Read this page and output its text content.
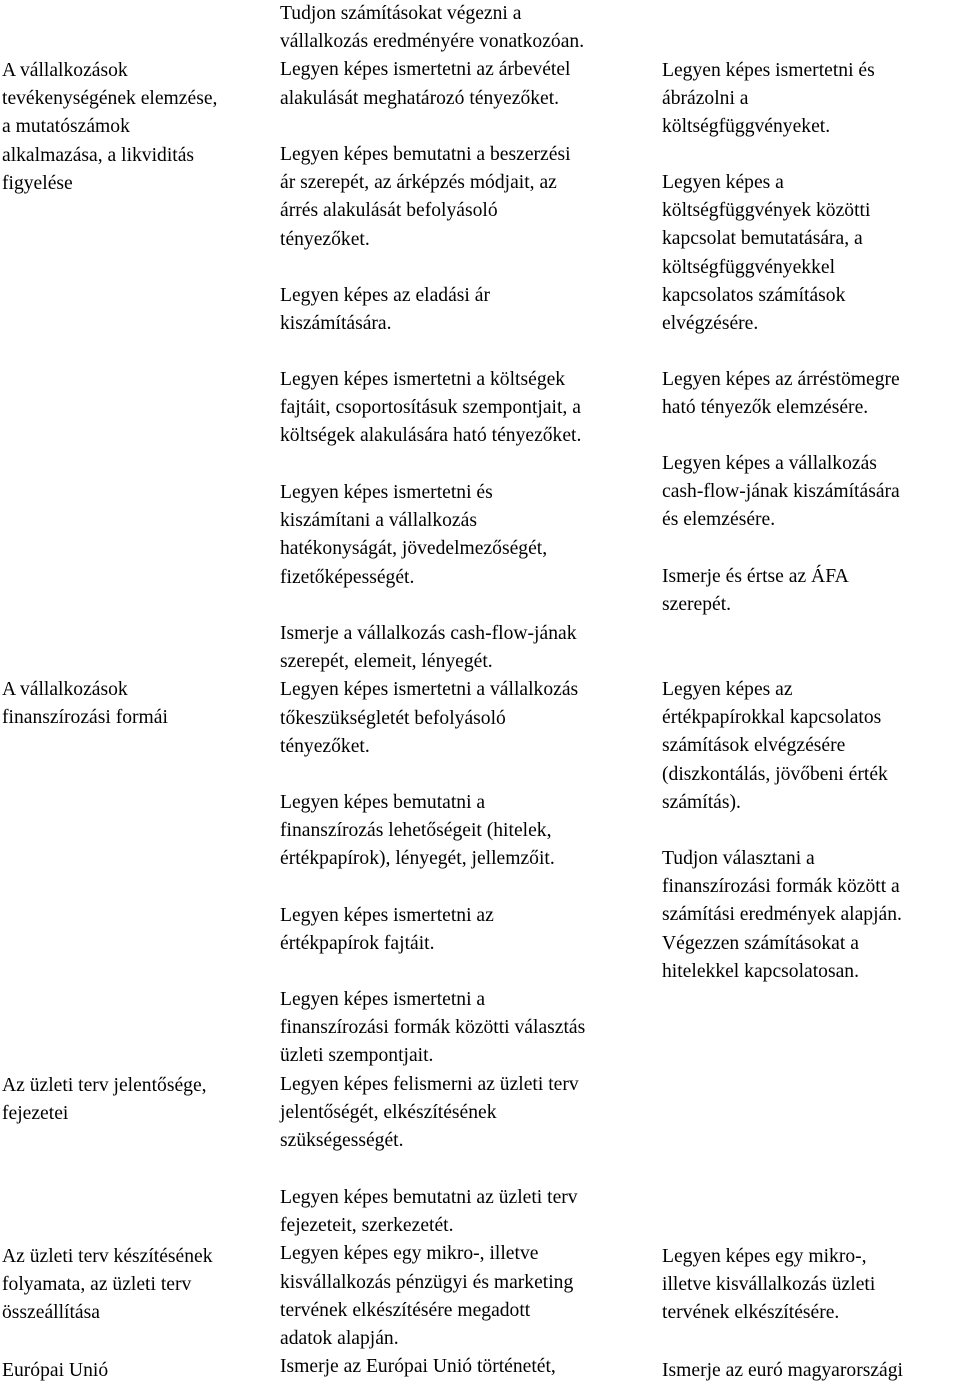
A vállalkozások
tevékenységének elemzése,
a mutatószámok
alkalmazása, a likviditás
figyelése
A vállalkozások
finanszírozási formái
Az üzleti terv jelentősége,
fejezetei
Az üzleti terv készítésének
folyamata, az üzleti terv
összeállítása
Európai Unió
Tudjon számításokat végezni a
vállalkozás eredményére vonatkozóan.
Legyen képes ismertetni az árbevétel
alakulását meghatározó tényezőket.
Legyen képes bemutatni a beszerzési
ár szerepét, az árképzés módjait, az
árrés alakulását befolyásoló
tényezőket.
Legyen képes az eladási ár
kiszámítására.
Legyen képes ismertetni a költségek
fajtáit, csoportosításuk szempontjait, a
költségek alakulására ható tényezőket.
Legyen képes ismertetni és
kiszámítani a vállalkozás
hatékonyságát, jövedelmezőségét,
fizetőképességét.
Ismerje a vállalkozás cash-flow-jának
szerepét, elemeit, lényegét.
Legyen képes ismertetni a vállalkozás
tőkeszükségletét befolyásoló
tényezőket.
Legyen képes bemutatni a
finanszírozás lehetőségeit (hitelek,
értékpapírok), lényegét, jellemzőit.
Legyen képes ismertetni az
értékpapírok fajtáit.
Legyen képes ismertetni a
finanszírozási formák közötti választás
üzleti szempontjait.
Legyen képes felismerni az üzleti terv
jelentőségét, elkészítésének
szükségességét.
Legyen képes bemutatni az üzleti terv
fejezeteit, szerkezetét.
Legyen képes egy mikro-, illetve
kisvállalkozás pénzügyi és marketing
tervének elkészítésére megadott
adatok alapján.
Ismerje az Európai Unió történetét,
Legyen képes ismertetni és
ábrázolni a
költségfüggvényeket.
Legyen képes a
költségfüggvények közötti
kapcsolat bemutatására, a
költségfüggvényekkel
kapcsolatos számítások
elvégzésére.
Legyen képes az árréstömegre
ható tényezők elemzésére.
Legyen képes a vállalkozás
cash-flow-jának kiszámítására
és elemzésére.
Ismerje és értse az ÁFA
szerepét.
Legyen képes az
értékpapírokkal kapcsolatos
számítások elvégzésére
(diszkontálás, jövőbeni érték
számítás).
Tudjon választani a
finanszírozási formák között a
számítási eredmények alapján.
Végezzen számításokat a
hitelekkel kapcsolatosan.
Legyen képes egy mikro-,
illetve kisvállalkozás üzleti
tervének elkészítésére.
Ismerje az euró magyarországi
